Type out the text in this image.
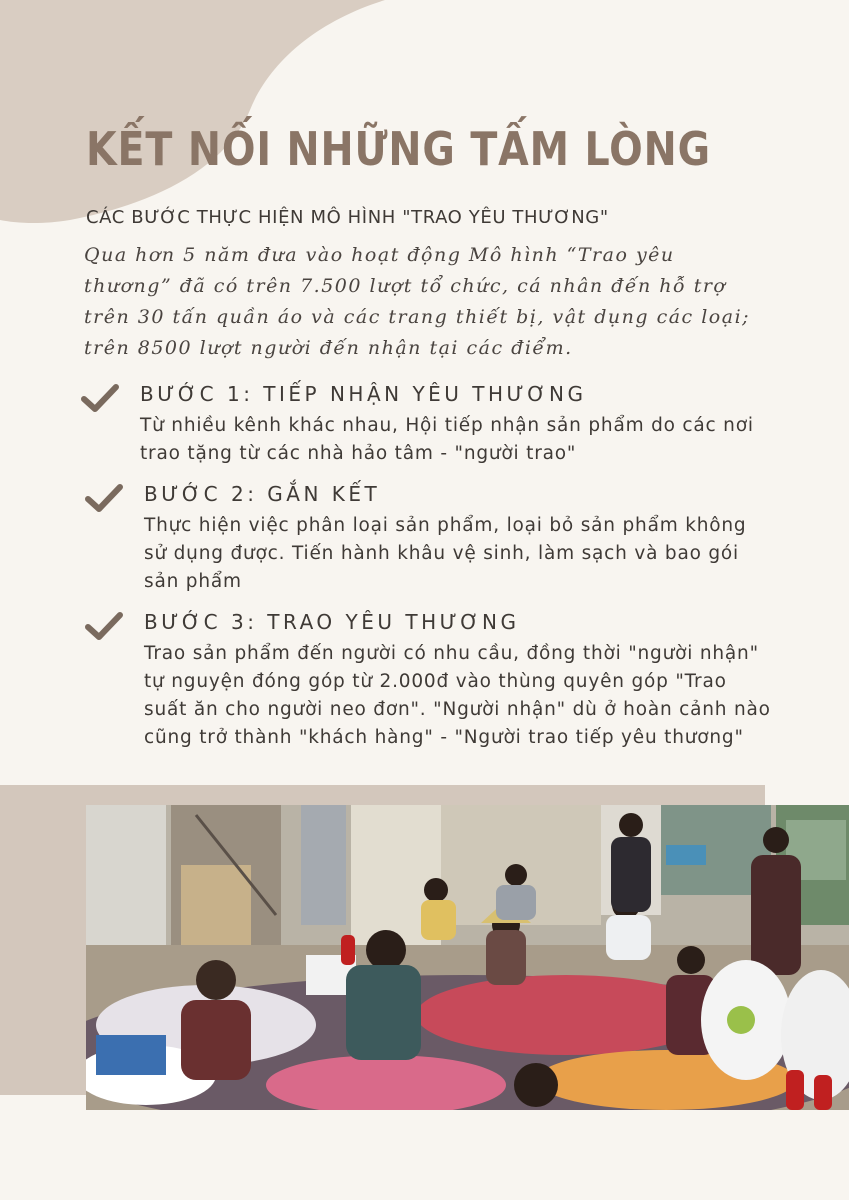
KẾT NỐI NHỮNG TẤM LÒNG
CÁC BƯỚC THỰC HIỆN MÔ HÌNH "TRAO YÊU THƯƠNG"
Qua hơn 5 năm đưa vào hoạt động Mô hình “Trao yêu thương” đã có trên 7.500 lượt tổ chức, cá nhân đến hỗ trợ trên 30 tấn quần áo và các trang thiết bị, vật dụng các loại; trên 8500 lượt người đến nhận tại các điểm.
BƯỚC 1: TIẾP NHẬN YÊU THƯƠNG
Từ nhiều kênh khác nhau, Hội tiếp nhận sản phẩm do các nơi trao tặng từ các nhà hảo tâm - "người trao"
BƯỚC 2: GẮN KẾT
Thực hiện việc phân loại sản phẩm, loại bỏ sản phẩm không sử dụng được. Tiến hành khâu vệ sinh, làm sạch và bao gói sản phẩm
BƯỚC 3: TRAO YÊU THƯƠNG
Trao sản phẩm đến người có nhu cầu, đồng thời "người nhận" tự nguyện đóng góp từ 2.000đ vào thùng quyên góp "Trao suất ăn cho người neo đơn". "Người nhận" dù ở hoàn cảnh nào cũng trở thành "khách hàng" - "Người trao tiếp yêu thương"
